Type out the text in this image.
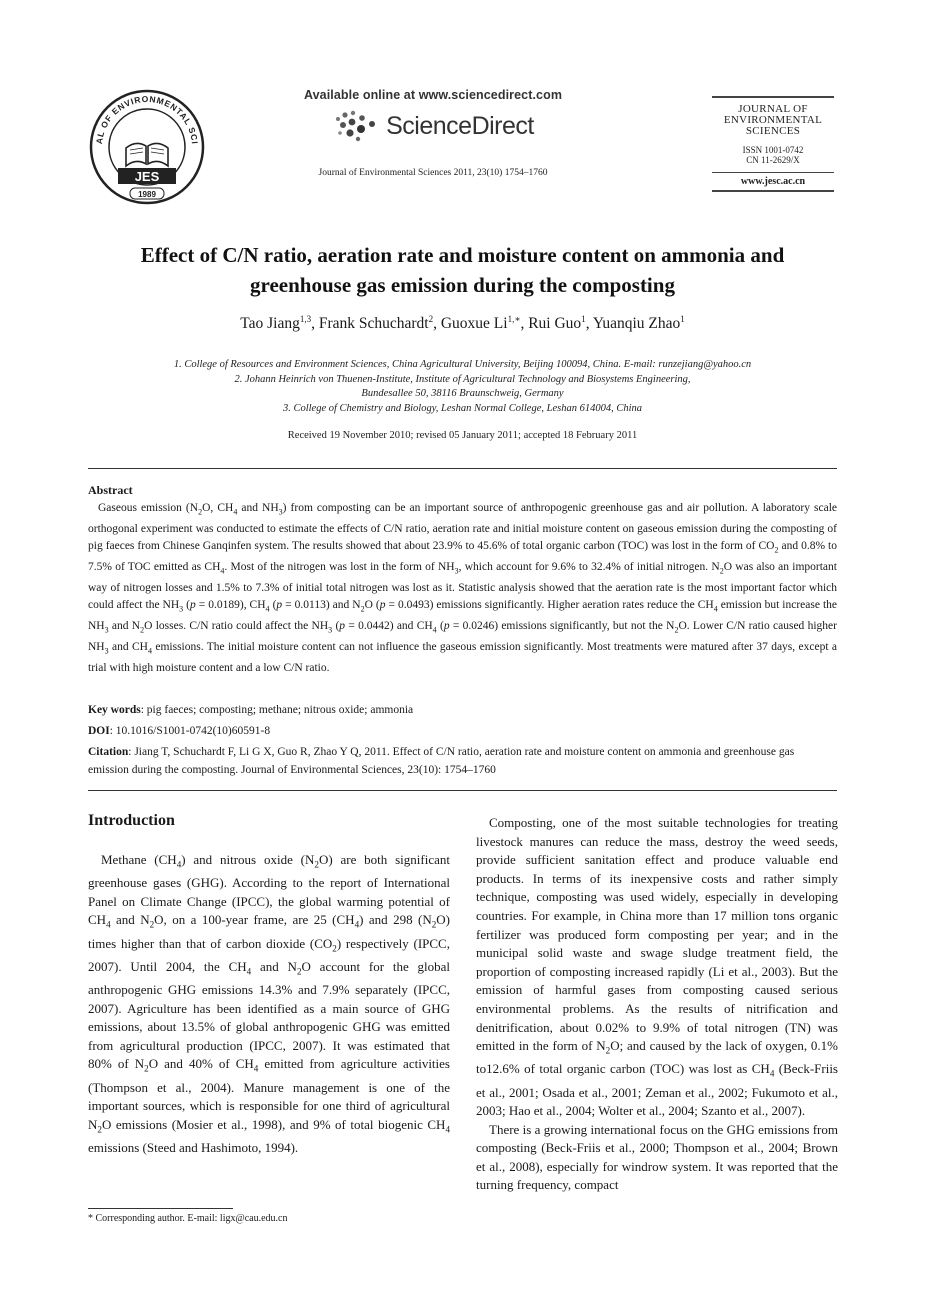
AL OF ENVIRONMENTAL SCI
JES
1989
Available online at www.sciencedirect.com
ScienceDirect
Journal of Environmental Sciences 2011, 23(10) 1754–1760
JOURNAL OF
ENVIRONMENTAL
SCIENCES
ISSN 1001-0742
CN 11-2629/X
www.jesc.ac.cn
Effect of C/N ratio, aeration rate and moisture content on ammonia and
greenhouse gas emission during the composting
Tao Jiang$^{1,3}$, Frank Schuchardt$^2$, Guoxue $Li^{1,∗}$, Rui Guo$^1$, Yuanqiu Zhao$^1$
1. College of Resources and Environment Sciences, China Agricultural University, Beijing 100094, China. E-mail: runzejiang@yahoo.cn
2. Johann Heinrich von Thuenen-Institute, Institute of Agricultural Technology and Biosystems Engineering,
Bundesallee 50, 38116 Braunschweig, Germany
3. College of Chemistry and Biology, Leshan Normal College, Leshan 614004, China
Received 19 November 2010; revised 05 January 2011; accepted 18 February 2011
Abstract
Gaseous emission ($N_2O$, $CH_4$ and $NH_3$) from composting can be an important source of anthropogenic greenhouse gas and air pollution. A laboratory scale orthogonal experiment was conducted to estimate the effects of C/N ratio, aeration rate and initial moisture content on gaseous emission during the composting of pig faeces from Chinese Ganqinfen system. The results showed that about 23.9% to 45.6% of total organic carbon (TOC) was lost in the form of $CO_2$ and 0.8% to 7.5% of TOC emitted as $CH_4$. Most of the nitrogen was lost in the form of $NH_3$, which account for 9.6% to 32.4% of initial nitrogen. $N_2O$ was also an important way of nitrogen losses and 1.5% to 7.3% of initial total nitrogen was lost as it. Statistic analysis showed that the aeration rate is the most important factor which could affect the $NH_3$ (p = 0.0189), $CH_4$ (p = 0.0113) and $N_2O$ (p = 0.0493) emissions significantly. Higher aeration rates reduce the $CH_4$ emission but increase the $NH_3$ and $N_2O$ losses. C/N ratio could affect the $NH_3$ (p = 0.0442) and $CH_4$ (p = 0.0246) emissions significantly, but not the $N_2O$. Lower C/N ratio caused higher $NH_3$ and $CH_4$ emissions. The initial moisture content can not influence the gaseous emission significantly. Most treatments were matured after 37 days, except a trial with high moisture content and a low C/N ratio.
Key words: pig faeces; composting; methane; nitrous oxide; ammonia
DOI: 10.1016/S1001-0742(10)60591-8
Citation: Jiang T, Schuchardt F, Li G X, Guo R, Zhao Y Q, 2011. Effect of C/N ratio, aeration rate and moisture content on ammonia and greenhouse gas emission during the composting. Journal of Environmental Sciences, 23(10): 1754–1760
Introduction

Methane $(CH_4)$ and nitrous oxide $(N_2O)$ are both significant greenhouse gases (GHG). According to the report of International Panel on Climate Change (IPCC), the global warming potential of $CH_4$ and $N_2O$, on a 100-year frame, are 25 $(CH_4)$ and 298 $(N_2O)$ times higher than that of carbon dioxide $(CO_2)$ respectively (IPCC, 2007). Until 2004, the $CH_4$ and $N_2O$ account for the global anthropogenic GHG emissions 14.3% and 7.9% separately (IPCC, 2007). Agriculture has been identified as a main source of GHG emissions, about 13.5% of global anthropogenic GHG was emitted from agricultural production (IPCC, 2007). It was estimated that 80% of $N_2O$ and 40% of $CH_4$ emitted from agriculture activities (Thompson et al., 2004). Manure management is one of the important sources, which is responsible for one third of agricultural $N_2O$ emissions (Mosier et al., 1998), and 9% of total biogenic $CH_4$ emissions (Steed and Hashimoto, 1994).

Composting, one of the most suitable technologies for treating livestock manures can reduce the mass, destroy the weed seeds, provide sufficient sanitation effect and produce valuable end products. In terms of its inexpensive costs and rather simply technique, composting was used widely, especially in developing countries. For example, in China more than 17 million tons organic fertilizer was produced form composting per year; and in the municipal solid waste and swage sludge treatment field, the proportion of composting increased rapidly (Li et al., 2003). But the emission of harmful gases from composting caused serious environmental problems. As the results of nitrification and denitrification, about 0.02% to 9.9% of total nitrogen (TN) was emitted in the form of $N_2O$; and caused by the lack of oxygen, 0.1% to12.6% of total organic carbon (TOC) was lost as $CH_4$ (Beck-Friis et al., 2001; Osada et al., 2001; Zeman et al., 2002; Fukumoto et al., 2003; Hao et al., 2004; Wolter et al., 2004; Szanto et al., 2007).

There is a growing international focus on the GHG emissions from composting (Beck-Friis et al., 2000; Thompson et al., 2004; Brown et al., 2008), especially for windrow system. It was reported that the turning frequency, compact

* Corresponding author. E-mail: ligx@cau.edu.cn
